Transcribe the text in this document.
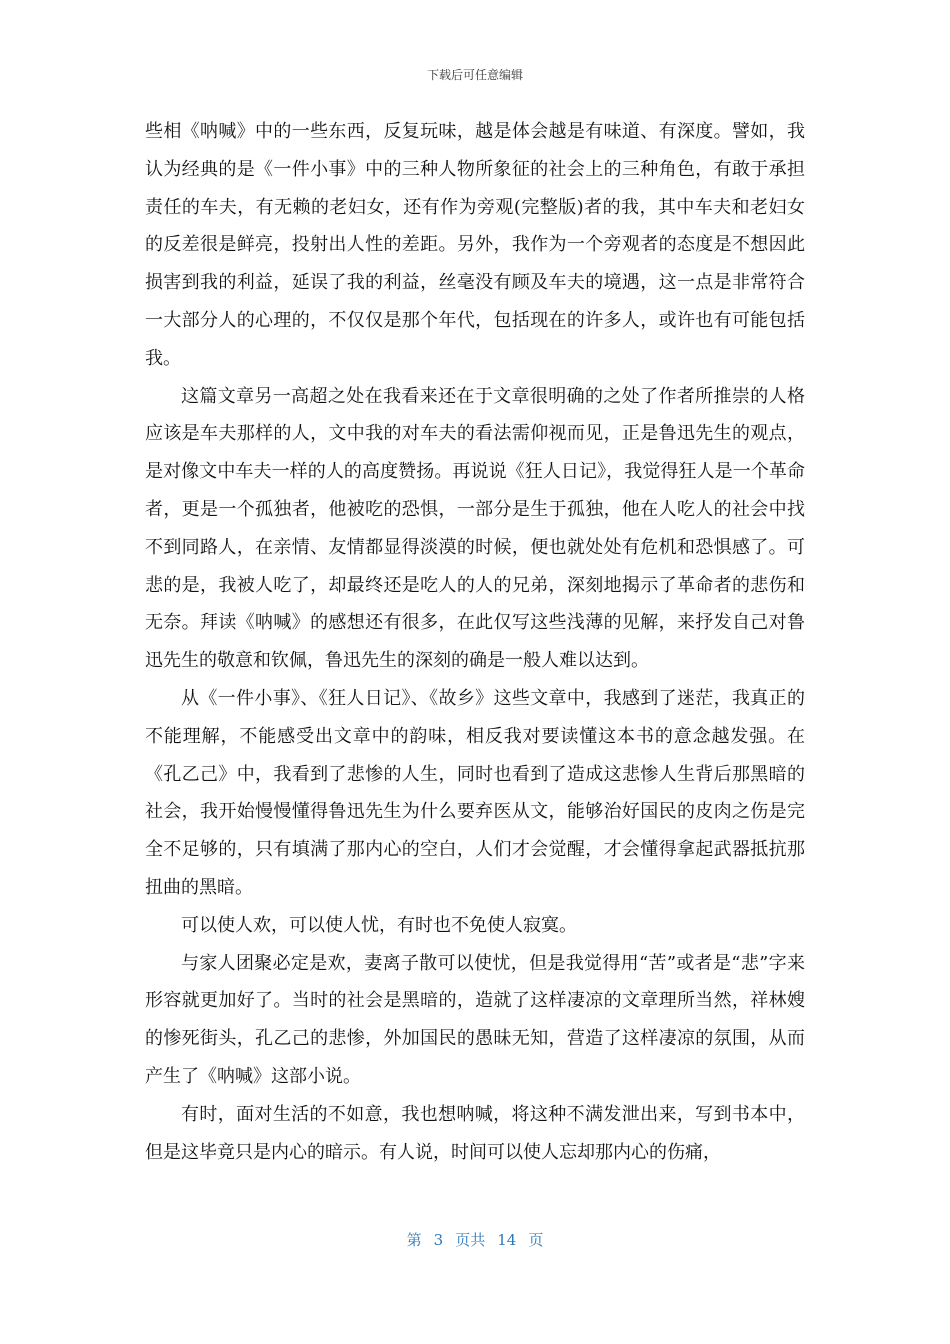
下载后可任意编辑

些相《呐喊》中的一些东西，反复玩味，越是体会越是有味道、有深度。譬如，我认为经典的是《一件小事》中的三种人物所象征的社会上的三种角色，有敢于承担责任的车夫，有无赖的老妇女，还有作为旁观(完整版)者的我，其中车夫和老妇女的反差很是鲜亮，投射出人性的差距。另外，我作为一个旁观者的态度是不想因此损害到我的利益，延误了我的利益，丝毫没有顾及车夫的境遇，这一点是非常符合一大部分人的心理的，不仅仅是那个年代，包括现在的许多人，或许也有可能包括我。

这篇文章另一高超之处在我看来还在于文章很明确的之处了作者所推崇的人格应该是车夫那样的人，文中我的对车夫的看法需仰视而见，正是鲁迅先生的观点，是对像文中车夫一样的人的高度赞扬。再说说《狂人日记》，我觉得狂人是一个革命者，更是一个孤独者，他被吃的恐惧，一部分是生于孤独，他在人吃人的社会中找不到同路人，在亲情、友情都显得淡漠的时候，便也就处处有危机和恐惧感了。可悲的是，我被人吃了，却最终还是吃人的人的兄弟，深刻地揭示了革命者的悲伤和无奈。拜读《呐喊》的感想还有很多，在此仅写这些浅薄的见解，来抒发自己对鲁迅先生的敬意和钦佩，鲁迅先生的深刻的确是一般人难以达到。

从《一件小事》、《狂人日记》、《故乡》这些文章中，我感到了迷茫，我真正的不能理解，不能感受出文章中的韵味，相反我对要读懂这本书的意念越发强。在《孔乙己》中，我看到了悲惨的人生，同时也看到了造成这悲惨人生背后那黑暗的社会，我开始慢慢懂得鲁迅先生为什么要弃医从文，能够治好国民的皮肉之伤是完全不足够的，只有填满了那内心的空白，人们才会觉醒，才会懂得拿起武器抵抗那扭曲的黑暗。

可以使人欢，可以使人忧，有时也不免使人寂寞。

与家人团聚必定是欢，妻离子散可以使忧，但是我觉得用“苦”或者是“悲”字来形容就更加好了。当时的社会是黑暗的，造就了这样凄凉的文章理所当然，祥林嫂的惨死街头，孔乙己的悲惨，外加国民的愚昧无知，营造了这样凄凉的氛围，从而产生了《呐喊》这部小说。

有时，面对生活的不如意，我也想呐喊，将这种不满发泄出来，写到书本中，但是这毕竟只是内心的暗示。有人说，时间可以使人忘却那内心的伤痛，

第 3 页共 14 页
